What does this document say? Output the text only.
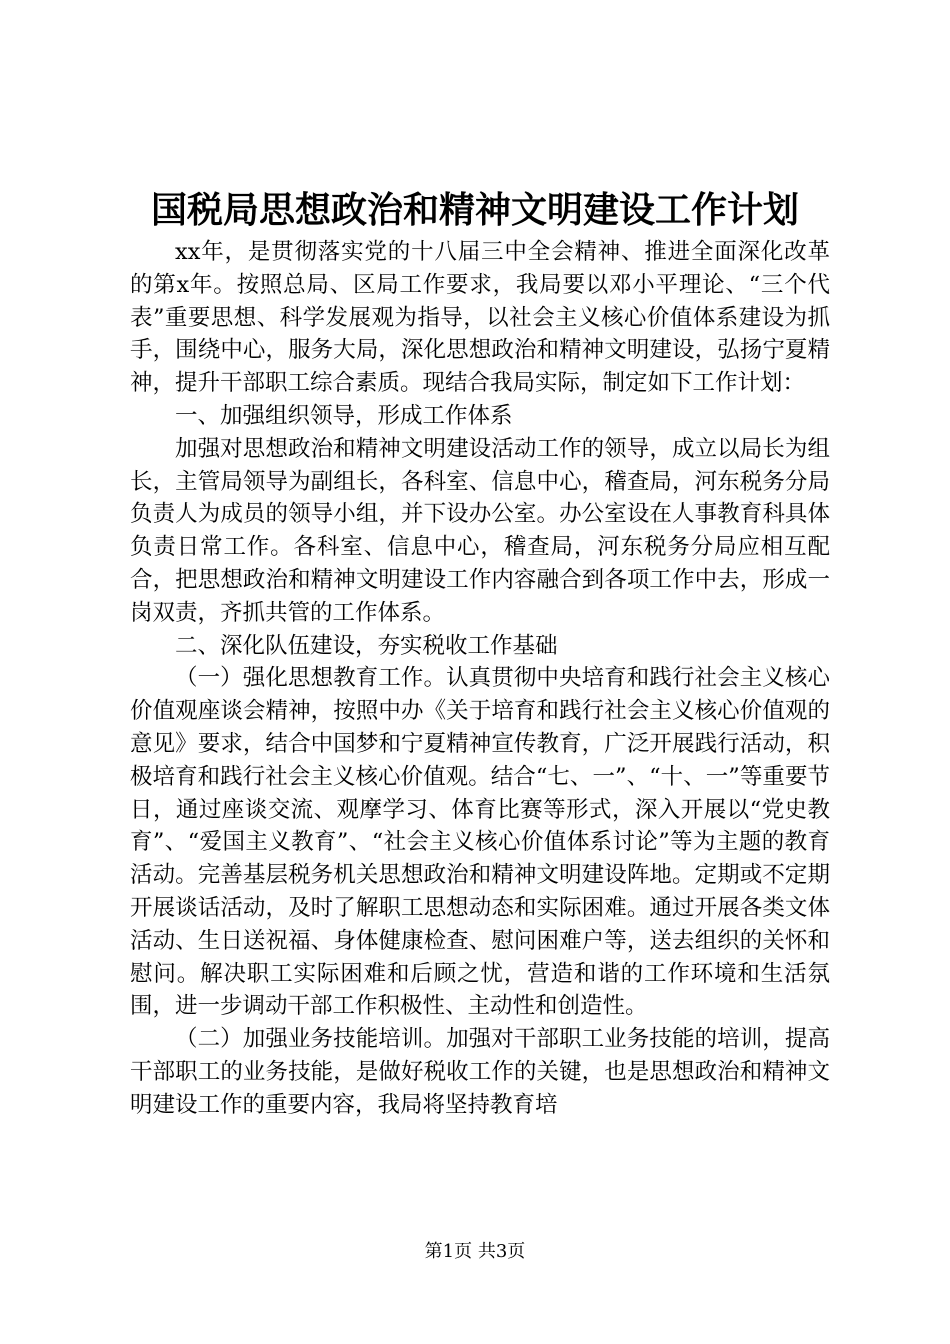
国税局思想政治和精神文明建设工作计划

xx年，是贯彻落实党的十八届三中全会精神、推进全面深化改革的第x年。按照总局、区局工作要求，我局要以邓小平理论、“三个代表”重要思想、科学发展观为指导，以社会主义核心价值体系建设为抓手，围绕中心，服务大局，深化思想政治和精神文明建设，弘扬宁夏精神，提升干部职工综合素质。现结合我局实际，制定如下工作计划：

一、加强组织领导，形成工作体系

加强对思想政治和精神文明建设活动工作的领导，成立以局长为组长，主管局领导为副组长，各科室、信息中心，稽查局，河东税务分局负责人为成员的领导小组，并下设办公室。办公室设在人事教育科具体负责日常工作。各科室、信息中心，稽查局，河东税务分局应相互配合，把思想政治和精神文明建设工作内容融合到各项工作中去，形成一岗双责，齐抓共管的工作体系。

二、深化队伍建设，夯实税收工作基础

（一）强化思想教育工作。认真贯彻中央培育和践行社会主义核心价值观座谈会精神，按照中办《关于培育和践行社会主义核心价值观的意见》要求，结合中国梦和宁夏精神宣传教育，广泛开展践行活动，积极培育和践行社会主义核心价值观。结合“七、一”、“十、一”等重要节日，通过座谈交流、观摩学习、体育比赛等形式，深入开展以“党史教育”、“爱国主义教育”、“社会主义核心价值体系讨论”等为主题的教育活动。完善基层税务机关思想政治和精神文明建设阵地。定期或不定期开展谈话活动，及时了解职工思想动态和实际困难。通过开展各类文体活动、生日送祝福、身体健康检查、慰问困难户等，送去组织的关怀和慰问。解决职工实际困难和后顾之忧，营造和谐的工作环境和生活氛围，进一步调动干部工作积极性、主动性和创造性。

（二）加强业务技能培训。加强对干部职工业务技能的培训，提高干部职工的业务技能，是做好税收工作的关键，也是思想政治和精神文明建设工作的重要内容，我局将坚持教育培

第1页 共3页
